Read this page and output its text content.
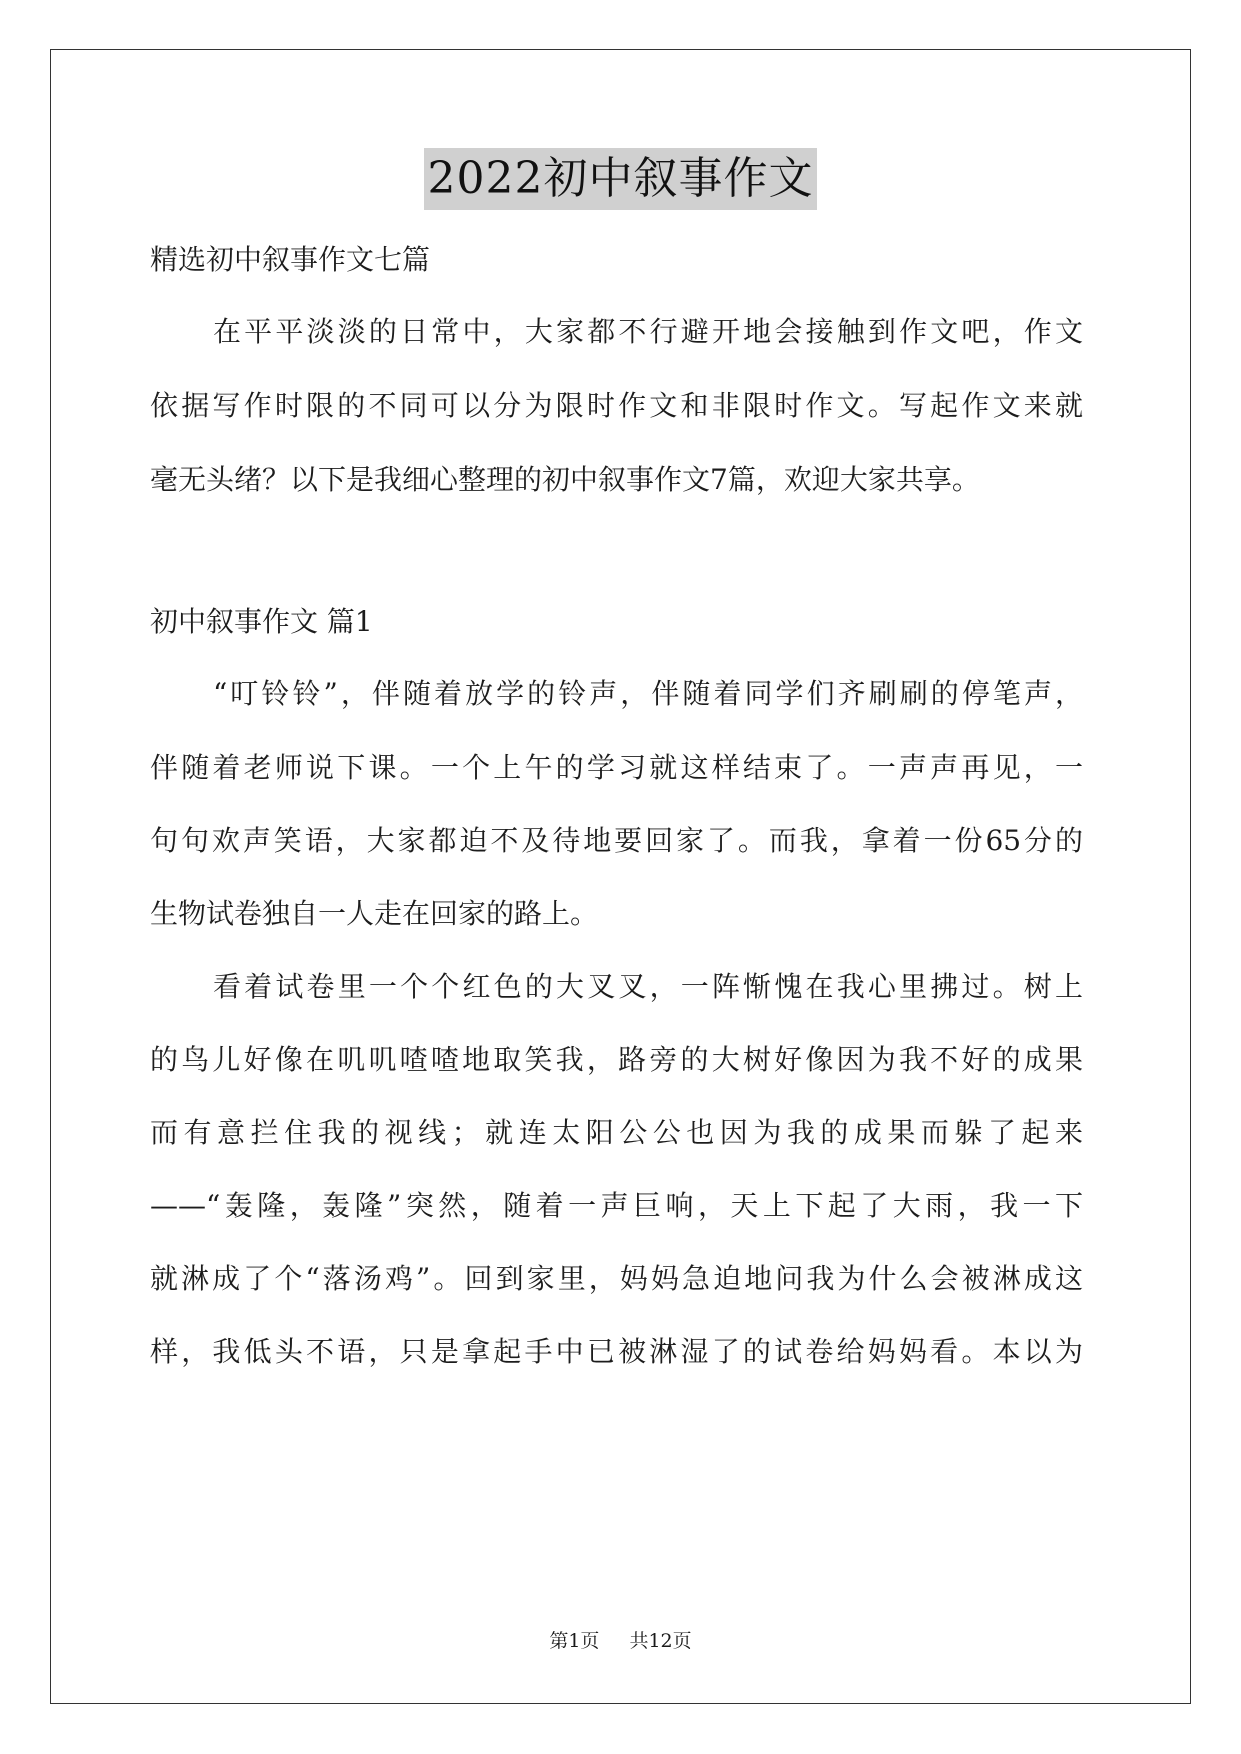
2022初中叙事作文
精选初中叙事作文七篇
在平平淡淡的日常中，大家都不行避开地会接触到作文吧，作文
依据写作时限的不同可以分为限时作文和非限时作文。写起作文来就
毫无头绪？以下是我细心整理的初中叙事作文7篇，欢迎大家共享。
初中叙事作文 篇1
“叮铃铃”，伴随着放学的铃声，伴随着同学们齐刷刷的停笔声，
伴随着老师说下课。一个上午的学习就这样结束了。一声声再见，一
句句欢声笑语，大家都迫不及待地要回家了。而我，拿着一份65分的
生物试卷独自一人走在回家的路上。
看着试卷里一个个红色的大叉叉，一阵惭愧在我心里拂过。树上
的鸟儿好像在叽叽喳喳地取笑我，路旁的大树好像因为我不好的成果
而有意拦住我的视线；就连太阳公公也因为我的成果而躲了起来
——“轰隆，轰隆”突然，随着一声巨响，天上下起了大雨，我一下
就淋成了个“落汤鸡”。回到家里，妈妈急迫地问我为什么会被淋成这
样，我低头不语，只是拿起手中已被淋湿了的试卷给妈妈看。本以为
第1页 共12页
